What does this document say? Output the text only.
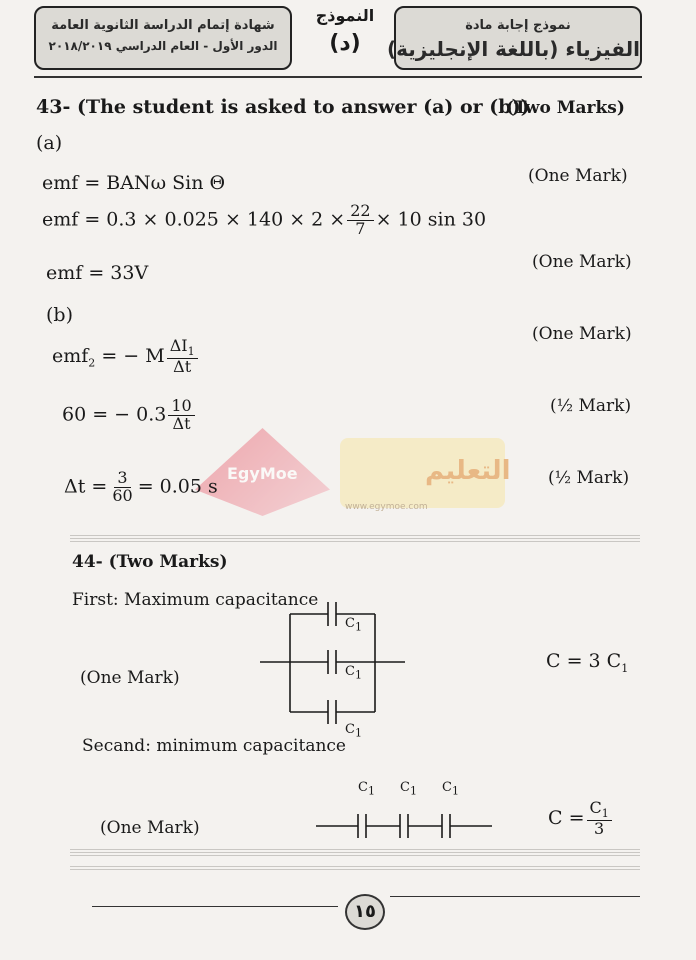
شهادة إتمام الدراسة الثانوية العامة
الدور الأول - العام الدراسي ٢٠١٨/٢٠١٩
النموذج
(د)
نموذج إجابة مادة
الفيزياء (باللغة الإنجليزية)
43- (The student is asked to answer (a) or (b))
(Two Marks)
(a)
emf = BANω Sin Θ	(One Mark)
emf = $0.3 \times 0.025 \times 140 \times 2 \times \frac{22}{7} \times 10$ sin 30
emf = 33V	(One Mark)
(b)
(One Mark)
emf$_2$ = − M $\frac{\Delta I_1}{\Delta t}$
60 = − $0.3 \frac{10}{\Delta t}$	(½ Mark)
EgyMoe	التعليم
www.egymoe.com
$\Delta t = \frac{3}{60} = 0.05$ s	(½ Mark)
44- (Two Marks)
First: Maximum capacitance
(One Mark)
$C_1$
$C_1$
$C_1$
C = 3 $C_1$
Secand: minimum capacitance
$C_1$ $C_1$ $C_1$
(One Mark)	$C = \frac{C_1}{3}$
١٥
